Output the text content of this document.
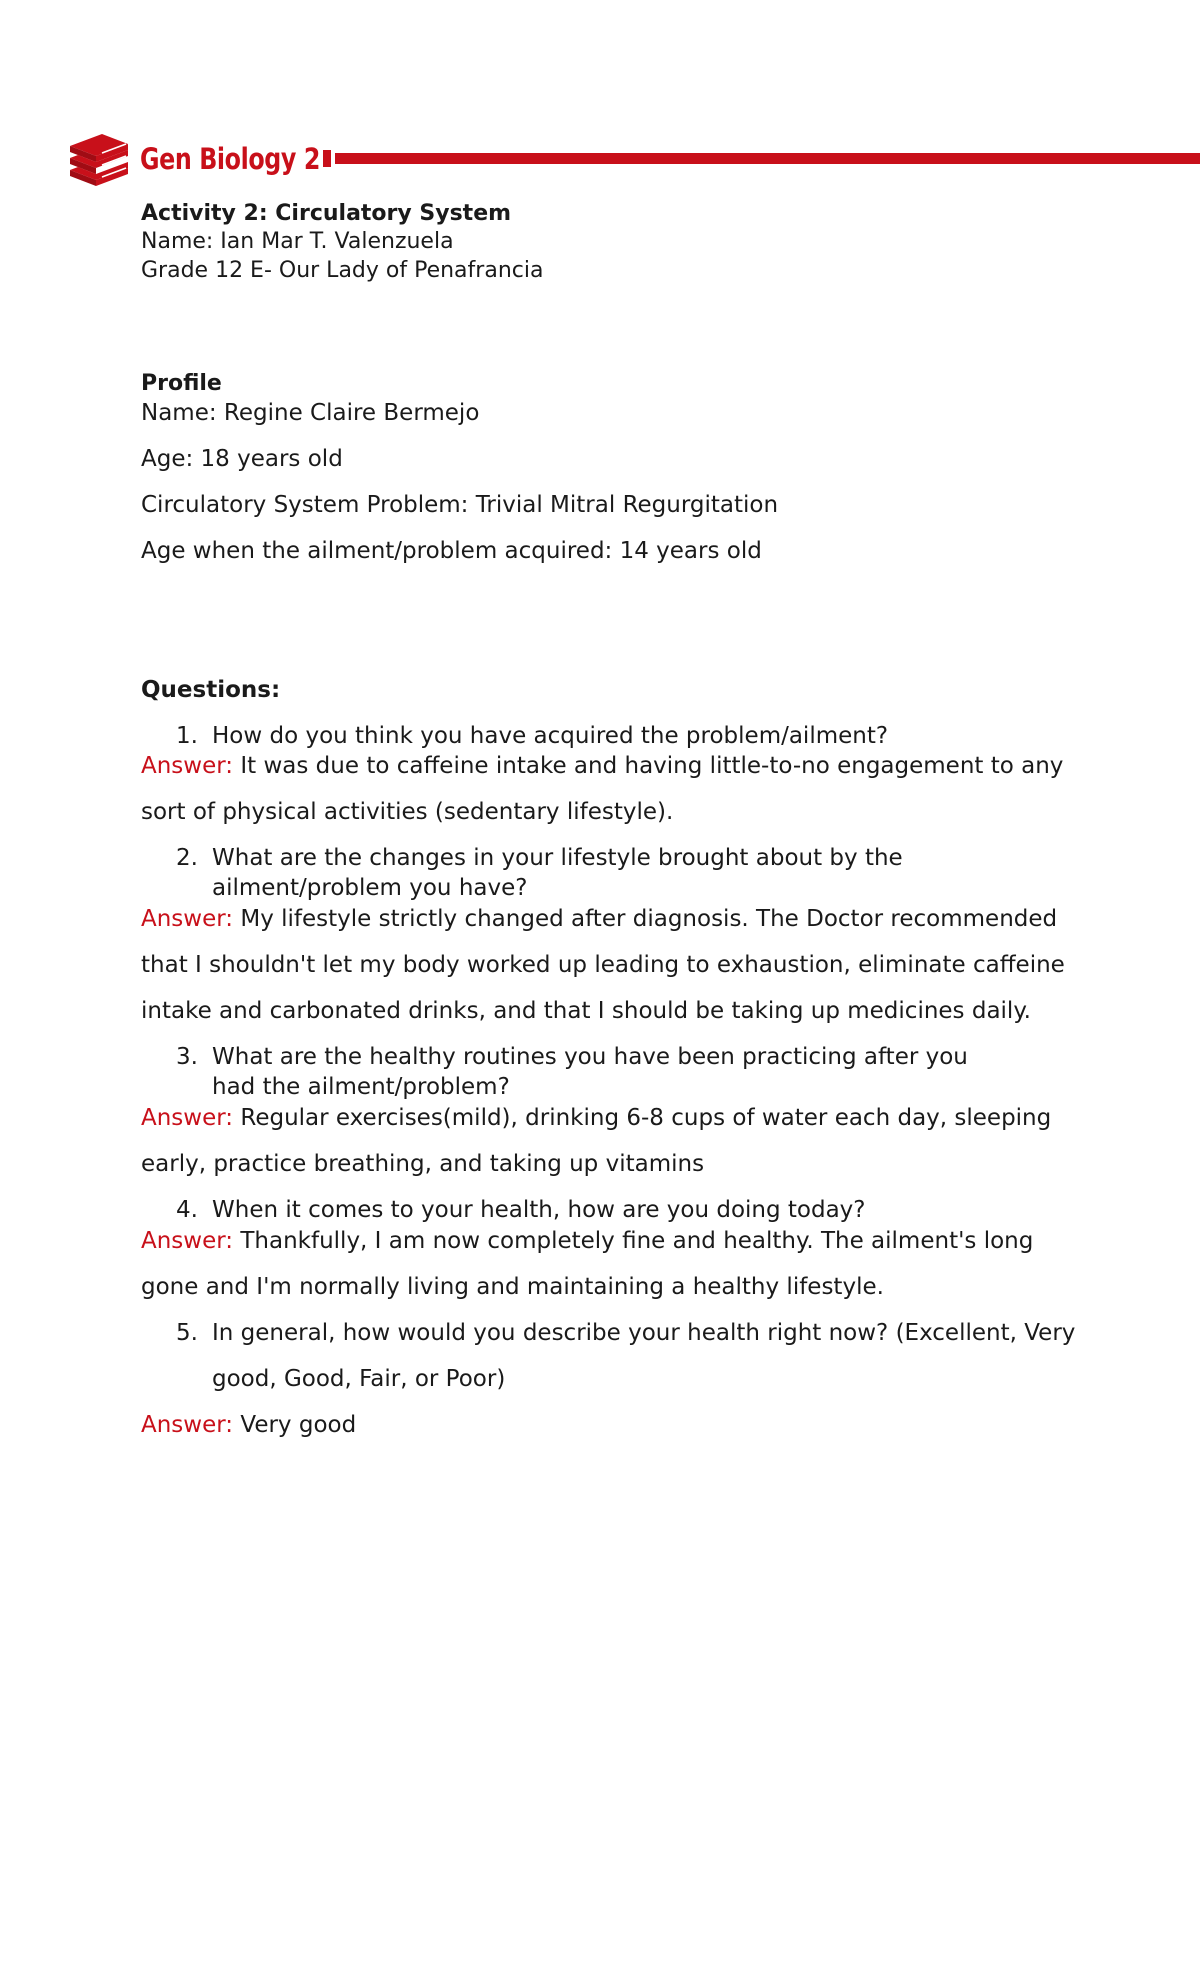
Gen Biology 2
Activity 2: Circulatory System
Name: Ian Mar T. Valenzuela
Grade 12 E- Our Lady of Penafrancia
Profile
Name: Regine Claire Bermejo
Age: 18 years old
Circulatory System Problem: Trivial Mitral Regurgitation
Age when the ailment/problem acquired: 14 years old
Questions:
1. How do you think you have acquired the problem/ailment?
Answer: It was due to caffeine intake and having little-to-no engagement to any
sort of physical activities (sedentary lifestyle).
2. What are the changes in your lifestyle brought about by the
ailment/problem you have?
Answer: My lifestyle strictly changed after diagnosis. The Doctor recommended
that I shouldn't let my body worked up leading to exhaustion, eliminate caffeine
intake and carbonated drinks, and that I should be taking up medicines daily.
3. What are the healthy routines you have been practicing after you
had the ailment/problem?
Answer: Regular exercises(mild), drinking 6-8 cups of water each day, sleeping
early, practice breathing, and taking up vitamins
4. When it comes to your health, how are you doing today?
Answer: Thankfully, I am now completely fine and healthy. The ailment's long
gone and I'm normally living and maintaining a healthy lifestyle.
5. In general, how would you describe your health right now? (Excellent, Very
good, Good, Fair, or Poor)
Answer: Very good
